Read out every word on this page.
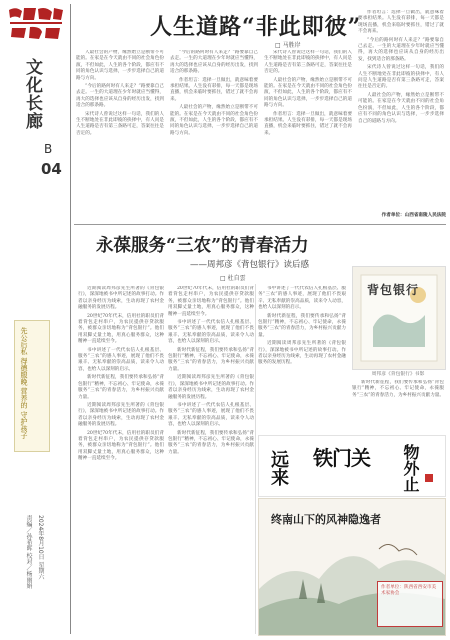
文化长廊
B
04
先公后私 得德服晚 营养的 守护孩子
2024年8月10日 星期六
责编／孙希晖 校对／杨丽娟
人生道路“非此即彼”
□ 马胜岸

人最社会的产物，缘然始立是断带不可能的。在家是在今天就由不同的社会角色扮演，不但如此，人生的各个阶段，都应有不同的角色认识与选择，一步步选择自己的道路与方向。

“今后的路何时有人来走？”路要靠自己去走。一生的大道理在少年时就应当懂得，再大的选择也应该从自身的经历出发，找到适合的那条路。

宋代诗人曾说过这样一句话，我们的人生不断地处在非此即彼的抉择中，有人问是人生道路是否有第三条路可走，答案往往是否定的。

“今后的路何时有人来走？”路要靠自己去走。一生的大道理在少年时就应当懂得，再大的选择也应该从自身的经历出发，找到适合的那条路。

作者坦言：选择一旦做出，就意味着要承担结果。人生没有彩排，每一天都是现场直播，机会来临时要抓住，错过了就不会再来。

人最社会的产物，缘然始立是断带不可能的。在家是在今天就由不同的社会角色扮演，不但如此，人生的各个阶段，都应有不同的角色认识与选择，一步步选择自己的道路与方向。

宋代诗人曾说过这样一句话，我们的人生不断地处在非此即彼的抉择中，有人问是人生道路是否有第三条路可走，答案往往是否定的。

人最社会的产物，缘然始立是断带不可能的。在家是在今天就由不同的社会角色扮演，不但如此，人生的各个阶段，都应有不同的角色认识与选择，一步步选择自己的道路与方向。

作者坦言：选择一旦做出，就意味着要承担结果。人生没有彩排，每一天都是现场直播，机会来临时要抓住，错过了就不会再来。

作者坦言：选择一旦做出，就意味着要承担结果。人生没有彩排，每一天都是现场直播，机会来临时要抓住，错过了就不会再来。

“今后的路何时有人来走？”路要靠自己去走。一生的大道理在少年时就应当懂得，再大的选择也应该从自身的经历出发，找到适合的那条路。

宋代诗人曾说过这样一句话，我们的人生不断地处在非此即彼的抉择中，有人问是人生道路是否有第三条路可走，答案往往是否定的。

人最社会的产物，缘然始立是断带不可能的。在家是在今天就由不同的社会角色扮演，不但如此，人生的各个阶段，都应有不同的角色认识与选择，一步步选择自己的道路与方向。

作者单位：山西省南陵人民法院
永葆服务“三农”的青春活力
——周邦彦《背包银行》读后感
□ 杜自雲

近期阅读周邦彦先生所著的《背包银行》，深深地被书中所记述的故事打动。作者以亲身经历为线索，生动再现了农村金融服务的发展历程。

20世纪70年代末，信用社的职员们背着背包走村串户，为农民提供存贷款服务，被群众亲切地称为“背包银行”。他们用双脚丈量土地，用真心服务群众，这种精神一直延续至今。

书中讲述了一代代农信人扎根基层、服务“三农”的感人事迹，展现了他们不畏艰辛、无私奉献的崇高品质，读来令人动容，也给人以深刻的启示。

新时代新征程，我们要传承和弘扬“背包银行”精神，不忘初心、牢记使命，永葆服务“三农”的青春活力，为乡村振兴贡献力量。

近期阅读周邦彦先生所著的《背包银行》，深深地被书中所记述的故事打动。作者以亲身经历为线索，生动再现了农村金融服务的发展历程。

20世纪70年代末，信用社的职员们背着背包走村串户，为农民提供存贷款服务，被群众亲切地称为“背包银行”。他们用双脚丈量土地，用真心服务群众，这种精神一直延续至今。

20世纪70年代末，信用社的职员们背着背包走村串户，为农民提供存贷款服务，被群众亲切地称为“背包银行”。他们用双脚丈量土地，用真心服务群众，这种精神一直延续至今。

书中讲述了一代代农信人扎根基层、服务“三农”的感人事迹，展现了他们不畏艰辛、无私奉献的崇高品质，读来令人动容，也给人以深刻的启示。

新时代新征程，我们要传承和弘扬“背包银行”精神，不忘初心、牢记使命，永葆服务“三农”的青春活力，为乡村振兴贡献力量。

近期阅读周邦彦先生所著的《背包银行》，深深地被书中所记述的故事打动。作者以亲身经历为线索，生动再现了农村金融服务的发展历程。

书中讲述了一代代农信人扎根基层、服务“三农”的感人事迹，展现了他们不畏艰辛、无私奉献的崇高品质，读来令人动容，也给人以深刻的启示。

新时代新征程，我们要传承和弘扬“背包银行”精神，不忘初心、牢记使命，永葆服务“三农”的青春活力，为乡村振兴贡献力量。

书中讲述了一代代农信人扎根基层、服务“三农”的感人事迹，展现了他们不畏艰辛、无私奉献的崇高品质，读来令人动容，也给人以深刻的启示。

新时代新征程，我们要传承和弘扬“背包银行”精神，不忘初心、牢记使命，永葆服务“三农”的青春活力，为乡村振兴贡献力量。

近期阅读周邦彦先生所著的《背包银行》，深深地被书中所记述的故事打动。作者以亲身经历为线索，生动再现了农村金融服务的发展历程。

背包银行
周邦彦《背包银行》书影

新时代新征程，我们要传承和弘扬“背包银行”精神，不忘初心、牢记使命，永葆服务“三农”的青春活力，为乡村振兴贡献力量。

远来 铁门关 物外止
终南山下的风神隐逸者
作者单位：陕西省西安市美术家协会
